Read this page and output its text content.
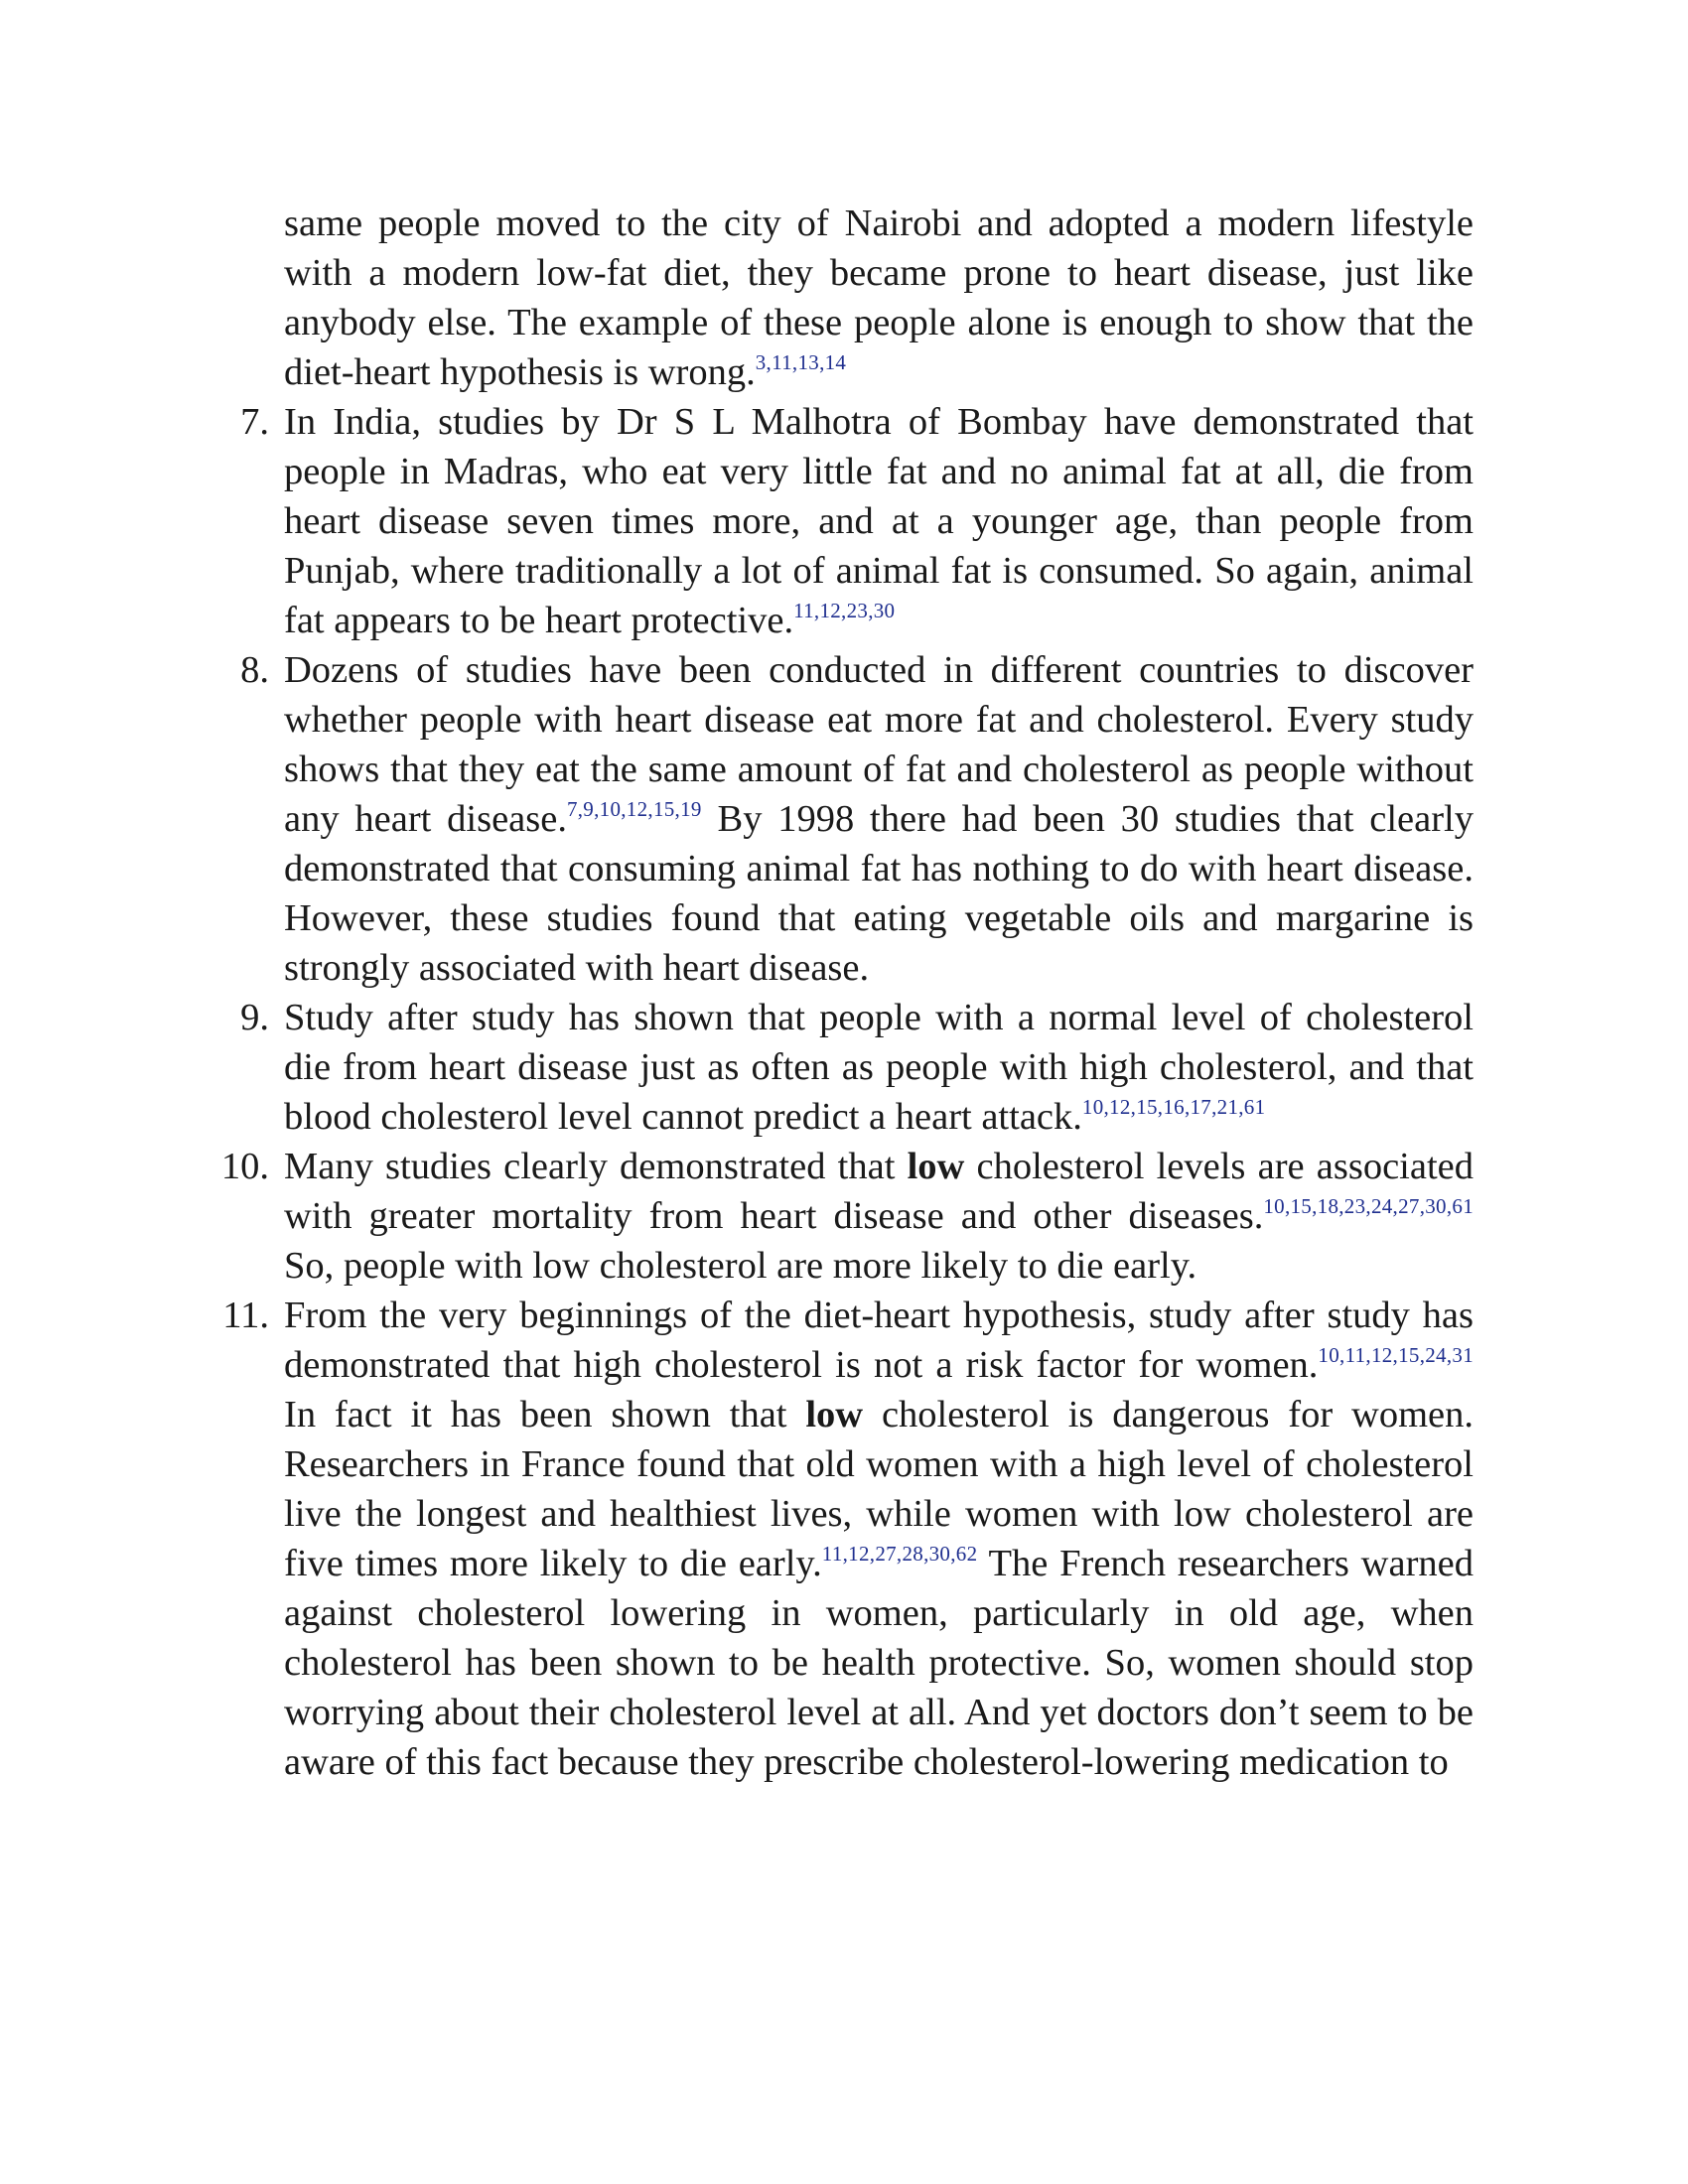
same people moved to the city of Nairobi and adopted a modern lifestyle with a modern low-fat diet, they became prone to heart disease, just like anybody else. The example of these people alone is enough to show that the diet-heart hypothesis is wrong.$^{3,11,13,14}$

7. In India, studies by Dr S L Malhotra of Bombay have demonstrated that people in Madras, who eat very little fat and no animal fat at all, die from heart disease seven times more, and at a younger age, than people from Punjab, where traditionally a lot of animal fat is consumed. So again, animal fat appears to be heart protective.$^{11,12,23,30}$

8. Dozens of studies have been conducted in different countries to discover whether people with heart disease eat more fat and cholesterol. Every study shows that they eat the same amount of fat and cholesterol as people without any heart disease.$^{7,9,10,12,15,19}$ By 1998 there had been 30 studies that clearly demonstrated that consuming animal fat has nothing to do with heart disease. However, these studies found that eating vegetable oils and margarine is strongly associated with heart disease.

9. Study after study has shown that people with a normal level of cholesterol die from heart disease just as often as people with high cholesterol, and that blood cholesterol level cannot predict a heart attack.$^{10,12,15,16,17,21,61}$

10. Many studies clearly demonstrated that low cholesterol levels are associated with greater mortality from heart disease and other diseases.$^{10,15,18,23,24,27,30,61}$ So, people with low cholesterol are more likely to die early.

11. From the very beginnings of the diet-heart hypothesis, study after study has demonstrated that high cholesterol is not a risk factor for women.$^{10,11,12,15,24,31}$ In fact it has been shown that low cholesterol is dangerous for women. Researchers in France found that old women with a high level of cholesterol live the longest and healthiest lives, while women with low cholesterol are five times more likely to die early.$^{11,12,27,28,30,62}$ The French researchers warned against cholesterol lowering in women, particularly in old age, when cholesterol has been shown to be health protective. So, women should stop worrying about their cholesterol level at all. And yet doctors don’t seem to be aware of this fact because they prescribe cholesterol-lowering medication to
